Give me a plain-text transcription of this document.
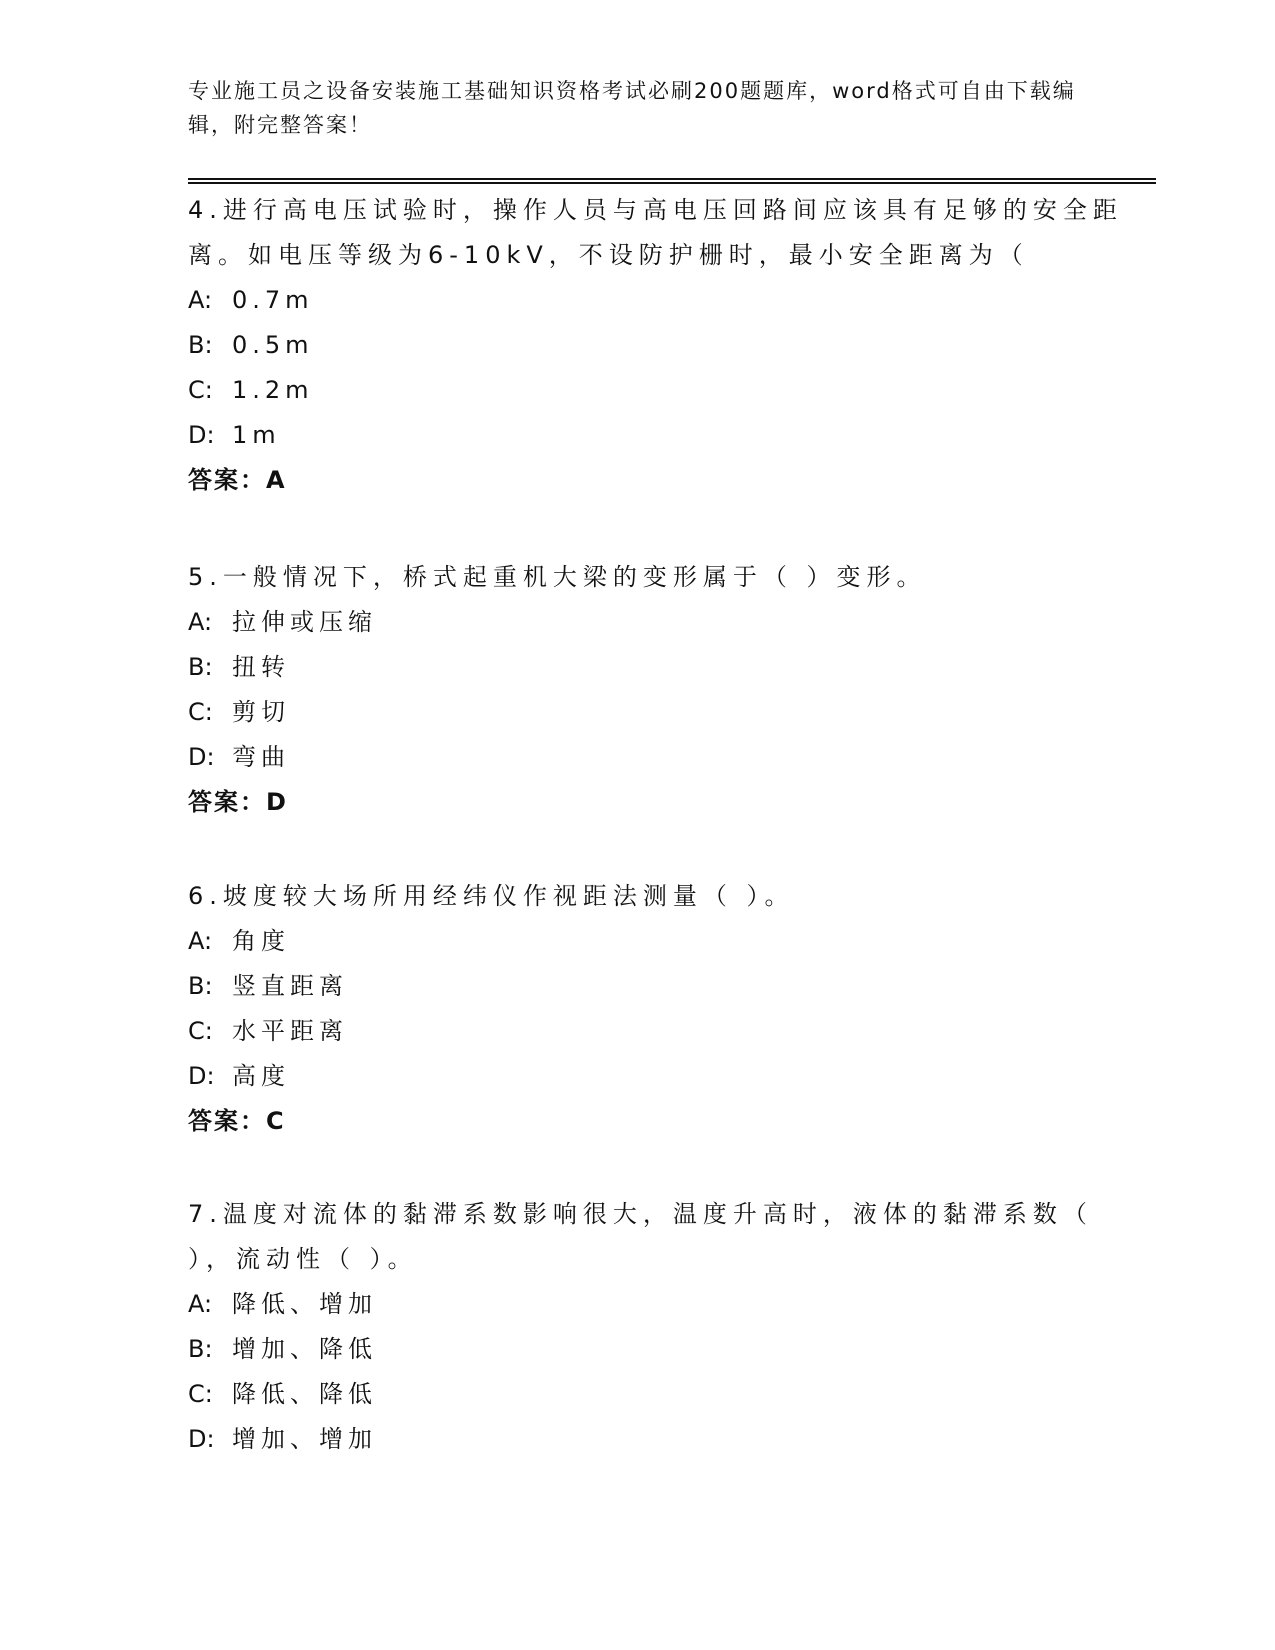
专业施工员之设备安装施工基础知识资格考试必刷200题题库，word格式可自由下载编辑，附完整答案！

4.进行高电压试验时，操作人员与高电压回路间应该具有足够的安全距离。如电压等级为6-10kV，不设防护栅时，最小安全距离为（

A: 0.7m
B: 0.5m
C: 1.2m
D: 1m
答案：A

5.一般情况下，桥式起重机大梁的变形属于（ ）变形。

A: 拉伸或压缩
B: 扭转
C: 剪切
D: 弯曲
答案：D

6.坡度较大场所用经纬仪作视距法测量（ ）。

A: 角度
B: 竖直距离
C: 水平距离
D: 高度
答案：C

7.温度对流体的黏滞系数影响很大，温度升高时，液体的黏滞系数（ ），流动性（ ）。

A: 降低、增加
B: 增加、降低
C: 降低、降低
D: 增加、增加
